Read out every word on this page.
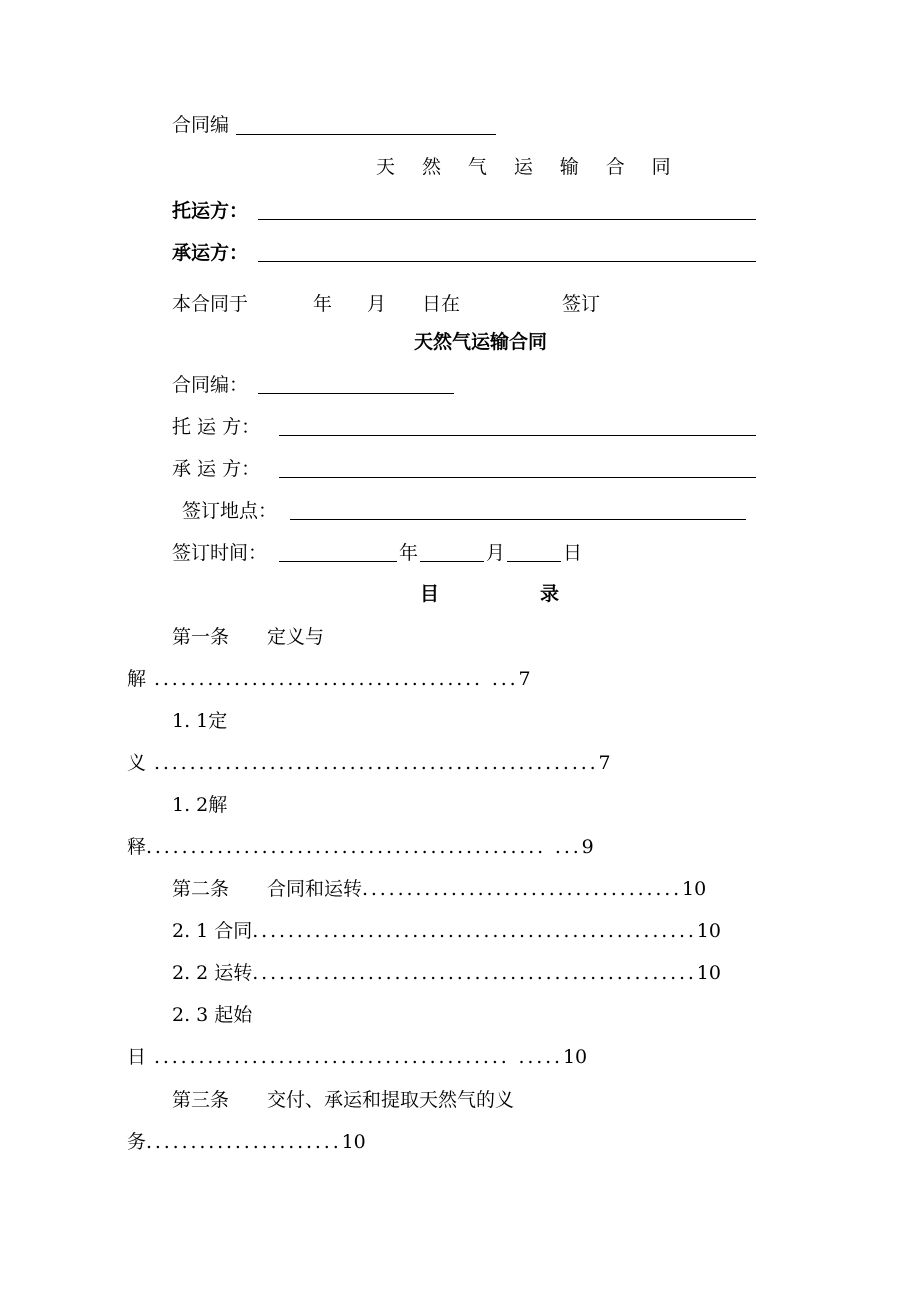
合同编
天 然 气 运 输 合 同
托运方：
承运方：
本合同于	年 月 日在	签订
天然气运输合同
合同编：
托 运 方：
承 运 方：
签订地点：
签订时间：	年	月	日
目	录
第一条　　定义与
解 ..................................... ...7
1. 1定
义 ..................................................7
1. 2解
释............................................. ...9
第二条　　合同和运转....................................10
2. 1 合同..................................................10
2. 2 运转..................................................10
2. 3 起始
日 ........................................ .....10
第三条　　交付、承运和提取天然气的义
务......................10
